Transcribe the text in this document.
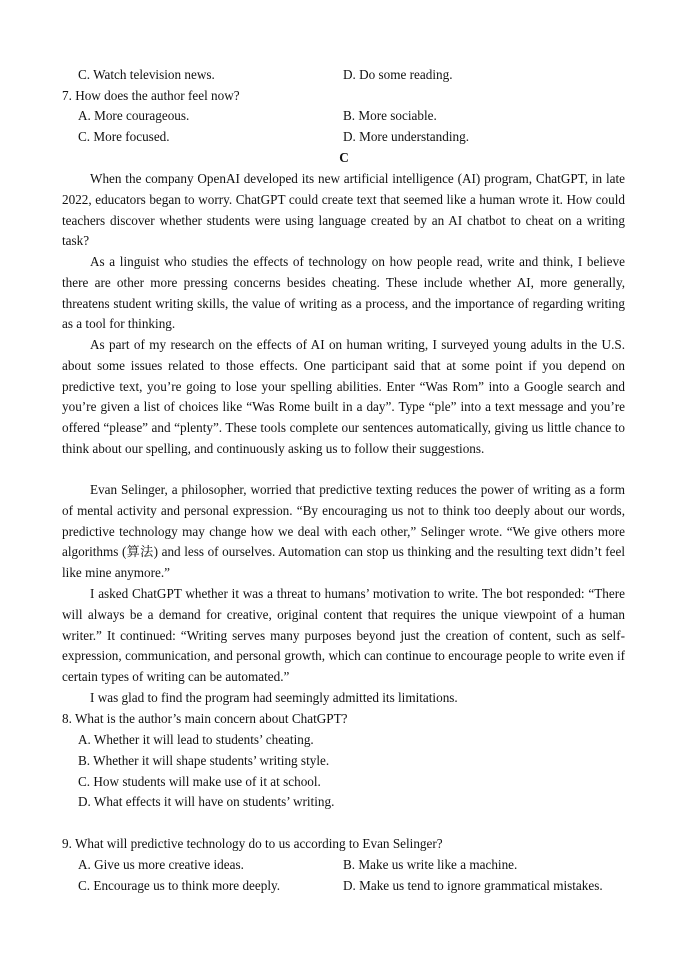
C. Watch television news.	D. Do some reading.
7. How does the author feel now?
A. More courageous.	B. More sociable.
C. More focused.	D. More understanding.
C
When the company OpenAI developed its new artificial intelligence (AI) program, ChatGPT, in late 2022, educators began to worry. ChatGPT could create text that seemed like a human wrote it. How could teachers discover whether students were using language created by an AI chatbot to cheat on a writing task?
As a linguist who studies the effects of technology on how people read, write and think, I believe there are other more pressing concerns besides cheating. These include whether AI, more generally, threatens student writing skills, the value of writing as a process, and the importance of regarding writing as a tool for thinking.
As part of my research on the effects of AI on human writing, I surveyed young adults in the U.S. about some issues related to those effects. One participant said that at some point if you depend on predictive text, you’re going to lose your spelling abilities. Enter “Was Rom” into a Google search and you’re given a list of choices like “Was Rome built in a day”. Type “ple” into a text message and you’re offered “please” and “plenty”. These tools complete our sentences automatically, giving us little chance to think about our spelling, and continuously asking us to follow their suggestions.
Evan Selinger, a philosopher, worried that predictive texting reduces the power of writing as a form of mental activity and personal expression. “By encouraging us not to think too deeply about our words, predictive technology may change how we deal with each other,” Selinger wrote. “We give others more algorithms (算法) and less of ourselves. Automation can stop us thinking and the resulting text didn’t feel like mine anymore.”
I asked ChatGPT whether it was a threat to humans’ motivation to write. The bot responded: “There will always be a demand for creative, original content that requires the unique viewpoint of a human writer.” It continued: “Writing serves many purposes beyond just the creation of content, such as self-expression, communication, and personal growth, which can continue to encourage people to write even if certain types of writing can be automated.”
I was glad to find the program had seemingly admitted its limitations.
8. What is the author’s main concern about ChatGPT?
A. Whether it will lead to students’ cheating.
B. Whether it will shape students’ writing style.
C. How students will make use of it at school.
D. What effects it will have on students’ writing.
9. What will predictive technology do to us according to Evan Selinger?
A. Give us more creative ideas.	B. Make us write like a machine.
C. Encourage us to think more deeply.	D. Make us tend to ignore grammatical mistakes.
